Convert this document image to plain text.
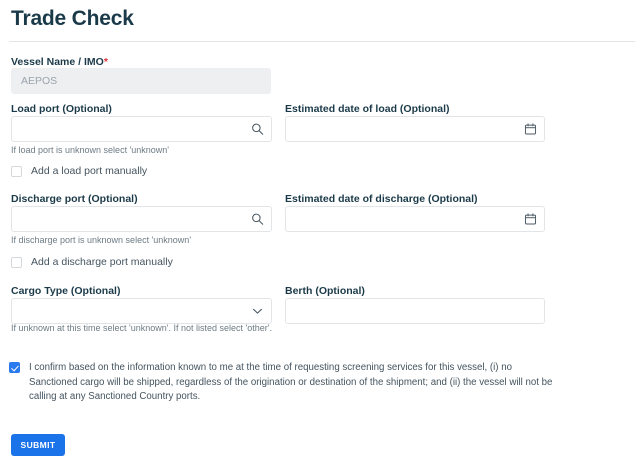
Trade Check
Vessel Name / IMO*
AEPOS
Load port (Optional)
If load port is unknown select 'unknown'
Estimated date of load (Optional)
Add a load port manually
Discharge port (Optional)
If discharge port is unknown select 'unknown'
Estimated date of discharge (Optional)
Add a discharge port manually
Cargo Type (Optional)
If unknown at this time select 'unknown'. If not listed select 'other'.
Berth (Optional)
I confirm based on the information known to me at the time of requesting screening services for this vessel, (i) no Sanctioned cargo will be shipped, regardless of the origination or destination of the shipment; and (ii) the vessel will not be calling at any Sanctioned Country ports.
SUBMIT
